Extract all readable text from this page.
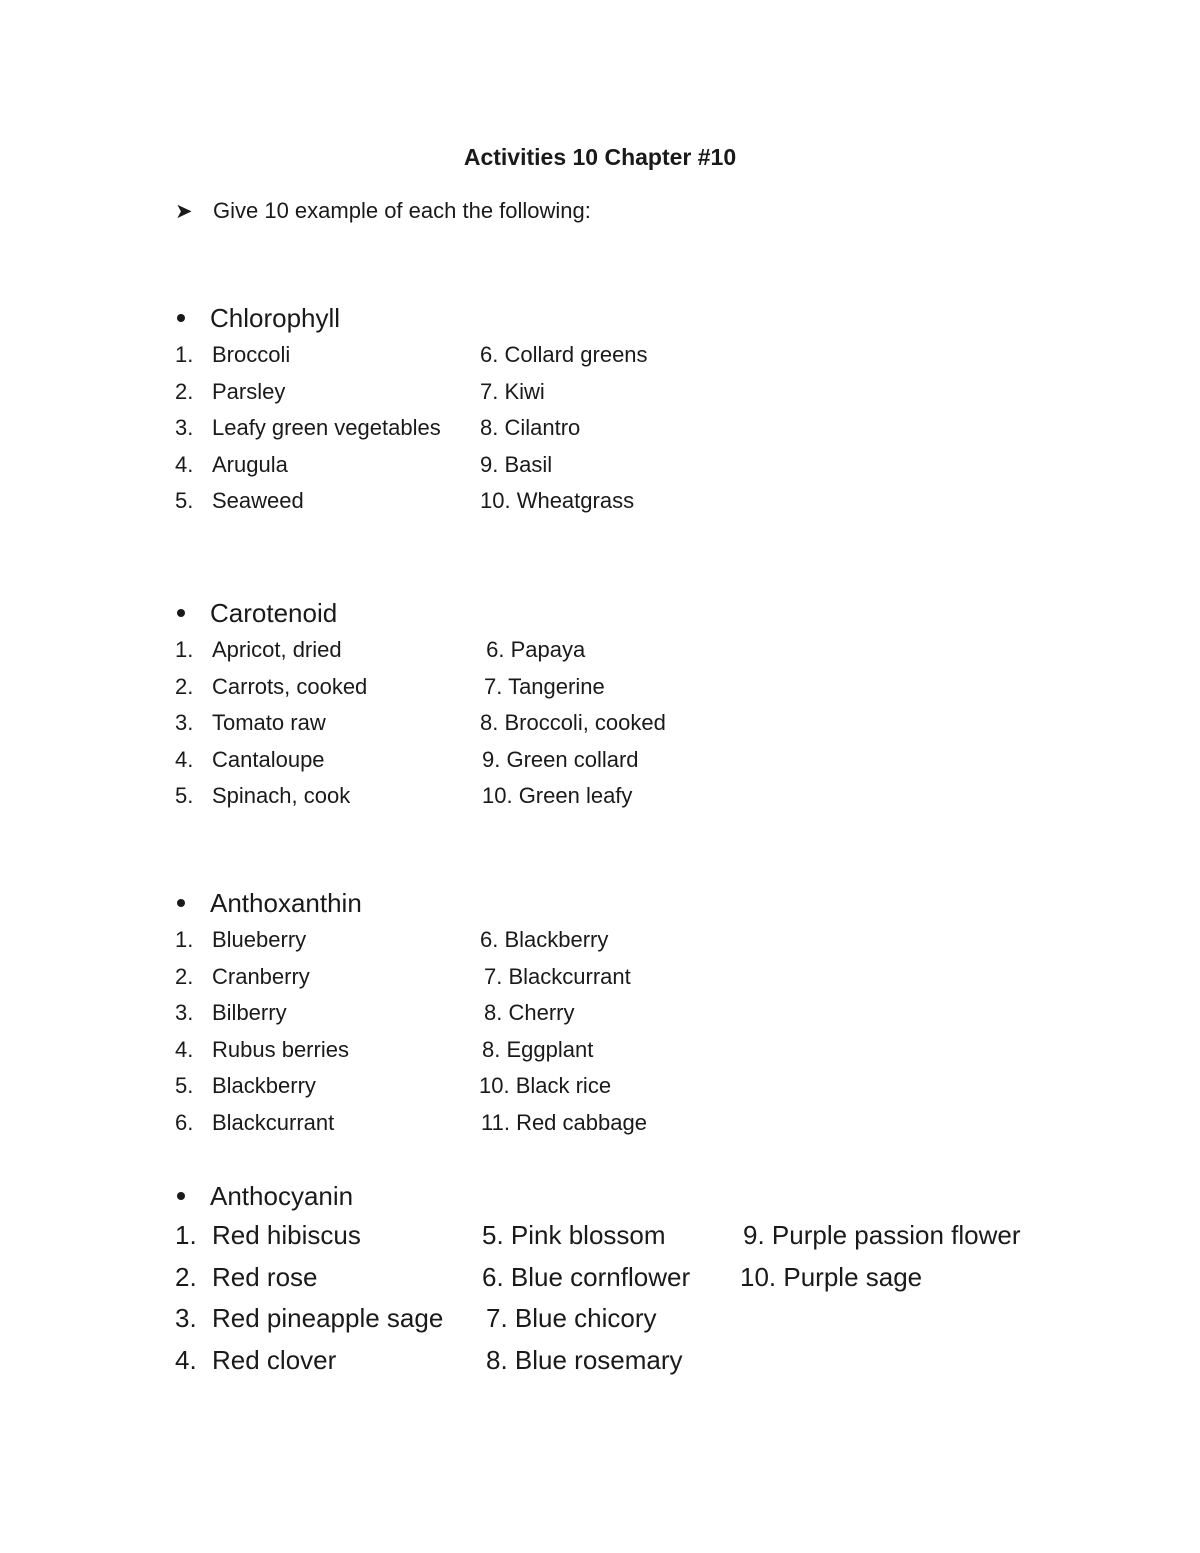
Activities 10 Chapter #10
➤ Give 10 example of each the following:
Chlorophyll
1. Broccoli	6. Collard greens
2. Parsley	7. Kiwi
3. Leafy green vegetables 8. Cilantro
4. Arugula	9. Basil
5. Seaweed	10. Wheatgrass
Carotenoid
1. Apricot, dried	6. Papaya
2. Carrots, cooked	7. Tangerine
3. Tomato raw	8. Broccoli, cooked
4. Cantaloupe	9. Green collard
5. Spinach, cook	10. Green leafy
Anthoxanthin
1. Blueberry	6. Blackberry
2. Cranberry	7. Blackcurrant
3. Bilberry	8. Cherry
4. Rubus berries	8. Eggplant
5. Blackberry	10. Black rice
6. Blackcurrant	11. Red cabbage
Anthocyanin
1. Red hibiscus	5. Pink blossom	9. Purple passion flower
2. Red rose	6. Blue cornflower 10. Purple sage
3. Red pineapple sage 7. Blue chicory
4. Red clover	8. Blue rosemary
